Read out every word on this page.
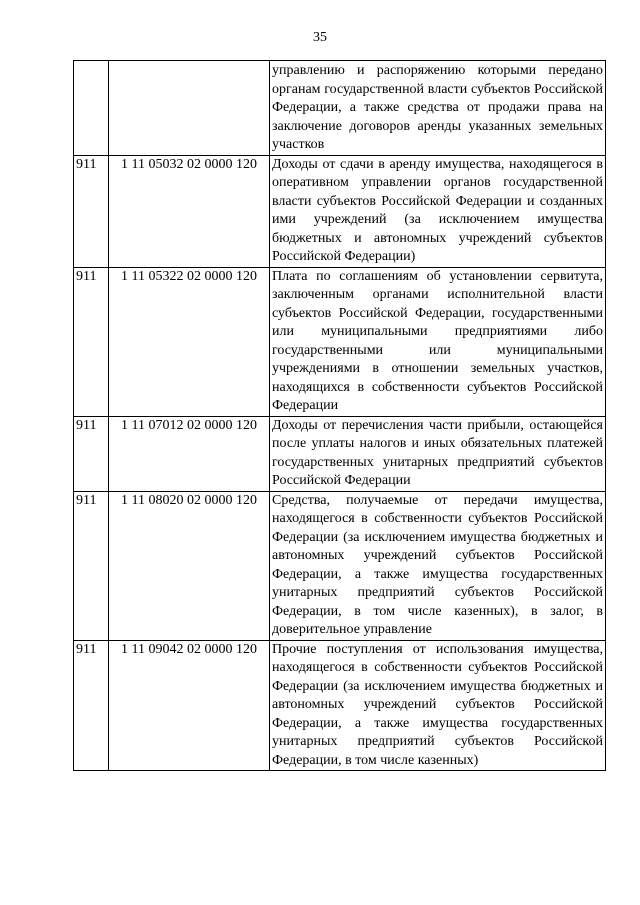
35
		управлению и распоряжению которыми передано органам государственной власти субъектов Российской Федерации, а также средства от продажи права на заключение договоров аренды указанных земельных участков
911	1 11 05032 02 0000 120	Доходы от сдачи в аренду имущества, находящегося в оперативном управлении органов государственной власти субъектов Российской Федерации и созданных ими учреждений (за исключением имущества бюджетных и автономных учреждений субъектов Российской Федерации)
911	1 11 05322 02 0000 120	Плата по соглашениям об установлении сервитута, заключенным органами исполнительной власти субъектов Российской Федерации, государственными или муниципальными предприятиями либо государственными или муниципальными учреждениями в отношении земельных участков, находящихся в собственности субъектов Российской Федерации
911	1 11 07012 02 0000 120	Доходы от перечисления части прибыли, остающейся после уплаты налогов и иных обязательных платежей государственных унитарных предприятий субъектов Российской Федерации
911	1 11 08020 02 0000 120	Средства, получаемые от передачи имущества, находящегося в собственности субъектов Российской Федерации (за исключением имущества бюджетных и автономных учреждений субъектов Российской Федерации, а также имущества государственных унитарных предприятий субъектов Российской Федерации, в том числе казенных), в залог, в доверительное управление
911	1 11 09042 02 0000 120	Прочие поступления от использования имущества, находящегося в собственности субъектов Российской Федерации (за исключением имущества бюджетных и автономных учреждений субъектов Российской Федерации, а также имущества государственных унитарных предприятий субъектов Российской Федерации, в том числе казенных)
